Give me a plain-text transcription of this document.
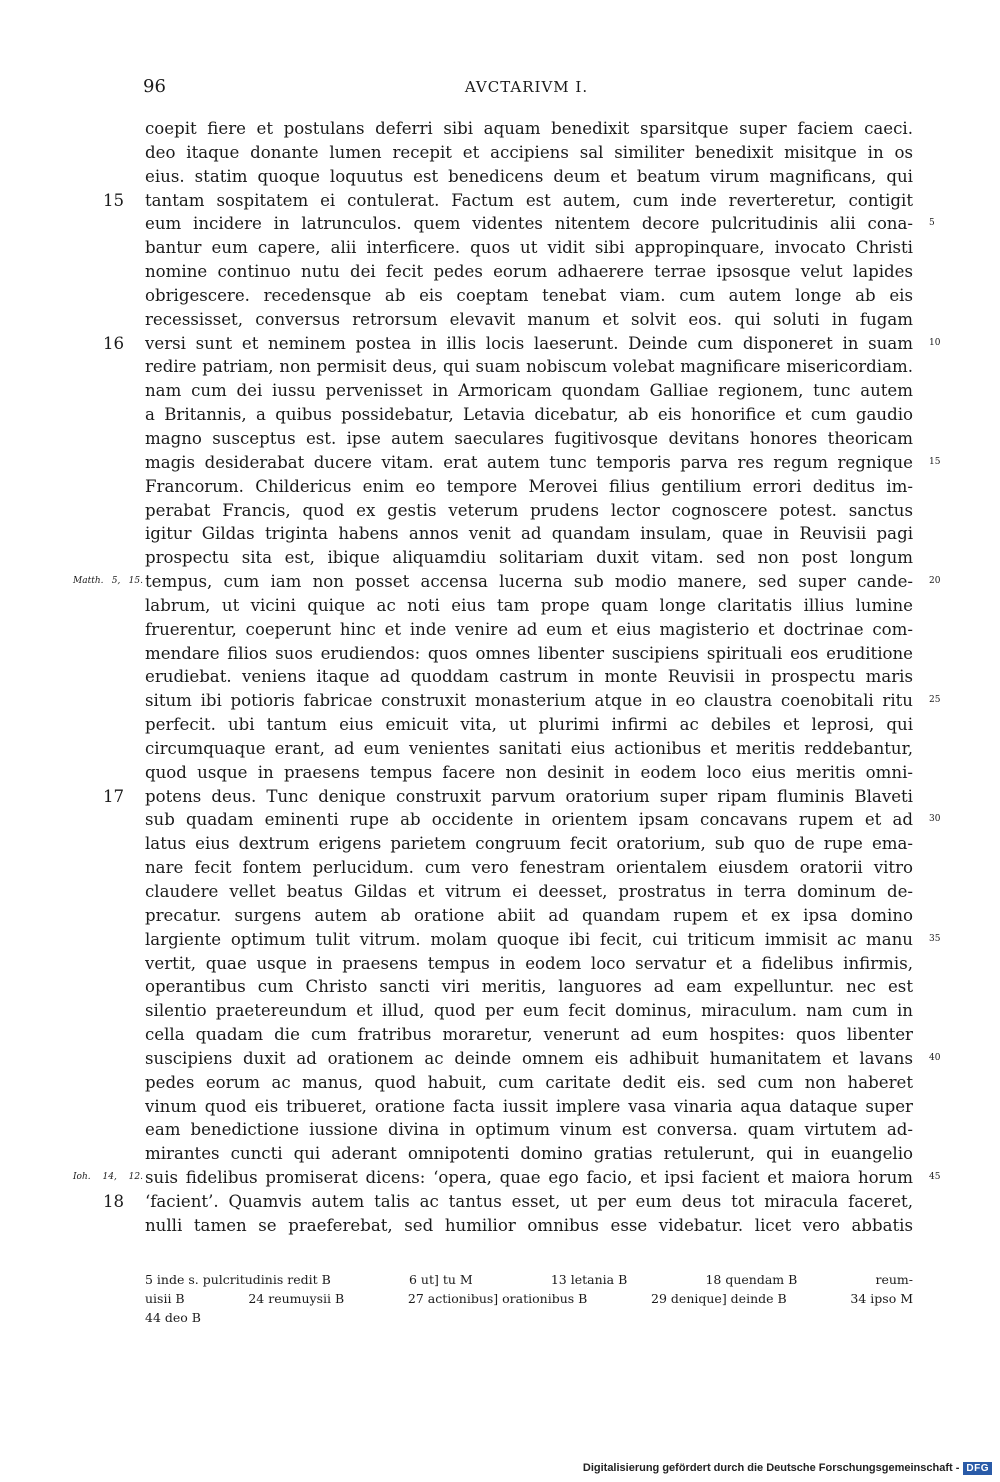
96	AVCTARIVM I.
coepit fiere et postulans deferri sibi aquam benedixit sparsitque super faciem caeci.
deo itaque donante lumen recepit et accipiens sal similiter benedixit misitque in os
eius. statim quoque loquutus est benedicens deum et beatum virum magnificans, qui
tantam sospitatem ei contulerat. Factum est autem, cum inde reverteretur, contigit
15
eum incidere in latrunculos. quem videntes nitentem decore pulcritudinis alii cona- 5
bantur eum capere, alii interficere. quos ut vidit sibi appropinquare, invocato Christi
nomine continuo nutu dei fecit pedes eorum adhaerere terrae ipsosque velut lapides
obrigescere. recedensque ab eis coeptam tenebat viam. cum autem longe ab eis
recessisset, conversus retrorsum elevavit manum et solvit eos. qui soluti in fugam
versi sunt et neminem postea in illis locis laeserunt. Deinde cum disponeret in suam
16	10
redire patriam, non permisit deus, qui suam nobiscum volebat magnificare misericordiam.
nam cum dei iussu pervenisset in Armoricam quondam Galliae regionem, tunc autem
a Britannis, a quibus possidebatur, Letavia dicebatur, ab eis honorifice et cum gaudio
magno susceptus est. ipse autem saeculares fugitivosque devitans honores theoricam
magis desiderabat ducere vitam. erat autem tunc temporis parva res regum regnique 15
Francorum. Childericus enim eo tempore Merovei filius gentilium errori deditus im-
perabat Francis, quod ex gestis veterum prudens lector cognoscere potest. sanctus
igitur Gildas triginta habens annos venit ad quandam insulam, quae in Reuvisii pagi
prospectu sita est, ibique aliquamdiu solitariam duxit vitam. sed non post longum
tempus, cum iam non posset accensa lucerna sub modio manere, sed super cande-
Matth. 5, 15.	20
labrum, ut vicini quique ac noti eius tam prope quam longe claritatis illius lumine
fruerentur, coeperunt hinc et inde venire ad eum et eius magisterio et doctrinae com-
mendare filios suos erudiendos: quos omnes libenter suscipiens spirituali eos eruditione
erudiebat. veniens itaque ad quoddam castrum in monte Reuvisii in prospectu maris
situm ibi potioris fabricae construxit monasterium atque in eo claustra coenobitali ritu 25
perfecit. ubi tantum eius emicuit vita, ut plurimi infirmi ac debiles et leprosi, qui
circumquaque erant, ad eum venientes sanitati eius actionibus et meritis reddebantur,
quod usque in praesens tempus facere non desinit in eodem loco eius meritis omni-
potens deus. Tunc denique construxit parvum oratorium super ripam fluminis Blaveti
17
sub quadam eminenti rupe ab occidente in orientem ipsam concavans rupem et ad 30
latus eius dextrum erigens parietem congruum fecit oratorium, sub quo de rupe ema-
nare fecit fontem perlucidum. cum vero fenestram orientalem eiusdem oratorii vitro
claudere vellet beatus Gildas et vitrum ei deesset, prostratus in terra dominum de-
precatur. surgens autem ab oratione abiit ad quandam rupem et ex ipsa domino
largiente optimum tulit vitrum. molam quoque ibi fecit, cui triticum immisit ac manu 35
vertit, quae usque in praesens tempus in eodem loco servatur et a fidelibus infirmis,
operantibus cum Christo sancti viri meritis, languores ad eam expelluntur. nec est
silentio praetereundum et illud, quod per eum fecit dominus, miraculum. nam cum in
cella quadam die cum fratribus moraretur, venerunt ad eum hospites: quos libenter
suscipiens duxit ad orationem ac deinde omnem eis adhibuit humanitatem et lavans 40
pedes eorum ac manus, quod habuit, cum caritate dedit eis. sed cum non haberet
vinum quod eis tribueret, oratione facta iussit implere vasa vinaria aqua dataque super
eam benedictione iussione divina in optimum vinum est conversa. quam virtutem ad-
mirantes cuncti qui aderant omnipotenti domino gratias retulerunt, qui in euangelio
suis fidelibus promiserat dicens: ‘opera, quae ego facio, et ipsi facient et maiora horum
Ioh. 14, 12.	45
‘facient’. Quamvis autem talis ac tantus esset, ut per eum deus tot miracula faceret,
18
nulli tamen se praeferebat, sed humilior omnibus esse videbatur. licet vero abbatis
5 inde s. pulcritudinis redit B	6 ut] tu M	13 letania B	18 quendam B	reum-
uisii B	24 reumuysii B	27 actionibus] orationibus B	29 denique] deinde B	34 ipso M
44 deo B
Digitalisierung gefördert durch die Deutsche Forschungsgemeinschaft - DFG
